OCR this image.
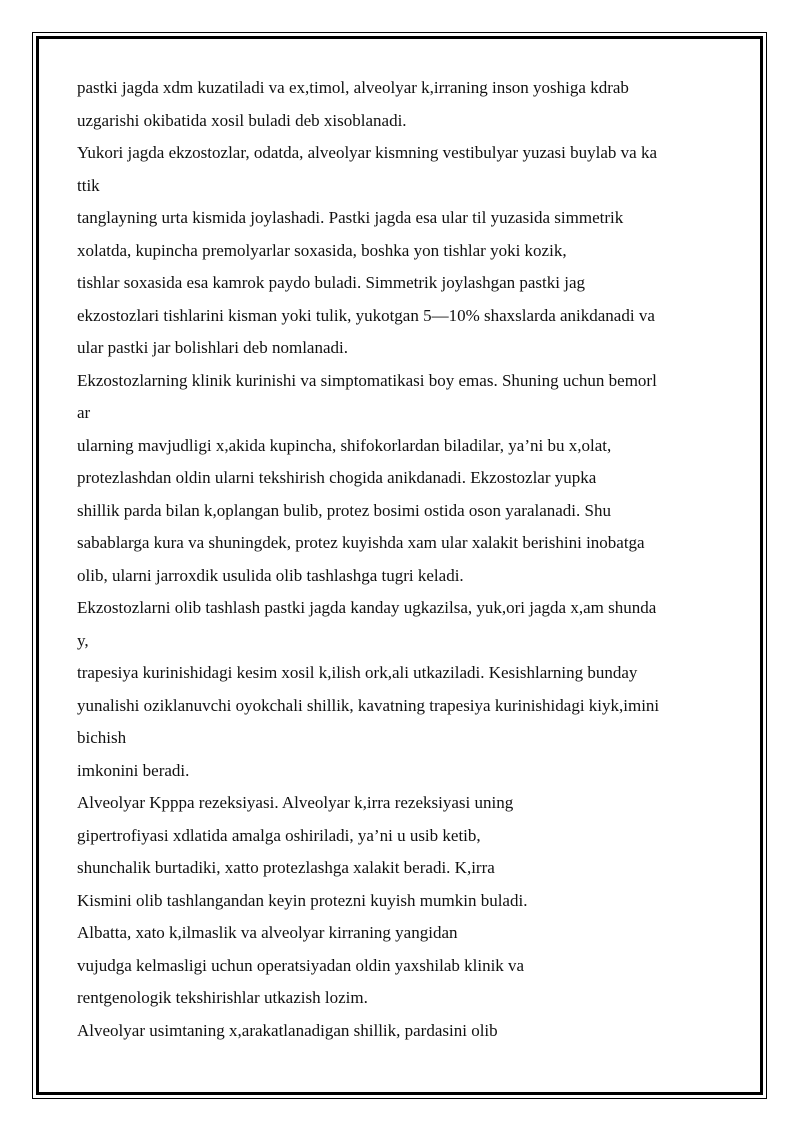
pastki jagda xdm kuzatiladi va ex,timol, alveolyar k,irraning inson yoshiga kdrab
uzgarishi okibatida xosil buladi deb xisoblanadi.
Yukori jagda ekzostozlar, odatda, alveolyar kismning vestibulyar yuzasi buylab va ka
ttik
tanglayning urta kismida joylashadi. Pastki jagda esa ular til yuzasida simmetrik
xolatda, kupincha premolyarlar soxasida, boshka yon tishlar yoki kozik,
tishlar soxasida esa kamrok paydo buladi. Simmetrik joylashgan pastki jag
ekzostozlari tishlarini kisman yoki tulik, yukotgan 5—10% shaxslarda anikdanadi va
ular pastki jar bolishlari deb nomlanadi.
Ekzostozlarning klinik kurinishi va simptomatikasi boy emas. Shuning uchun bemorl
ar
ularning mavjudligi x,akida kupincha, shifokorlardan biladilar, ya’ni bu x,olat,
protezlashdan oldin ularni tekshirish chogida anikdanadi. Ekzostozlar yupka
shillik parda bilan k,oplangan bulib, protez bosimi ostida oson yaralanadi. Shu
sabablarga kura va shuningdek, protez kuyishda xam ular xalakit berishini inobatga
olib, ularni jarroxdik usulida olib tashlashga tugri keladi.
Ekzostozlarni olib tashlash pastki jagda kanday ugkazilsa, yuk,ori jagda x,am shunda
y,
trapesiya kurinishidagi kesim xosil k,ilish ork,ali utkaziladi. Kesishlarning bunday
yunalishi oziklanuvchi oyokchali shillik, kavatning trapesiya kurinishidagi kiyk,imini
bichish
imkonini beradi.
Alveolyar Kpppa rezeksiyasi. Alveolyar k,irra rezeksiyasi uning
gipertrofiyasi xdlatida amalga oshiriladi, ya’ni u usib ketib,
shunchalik burtadiki, xatto protezlashga xalakit beradi. K,irra
Kismini olib tashlangandan keyin protezni kuyish mumkin buladi.
Albatta, xato k,ilmaslik va alveolyar kirraning yangidan
vujudga kelmasligi uchun operatsiyadan oldin yaxshilab klinik va
rentgenologik tekshirishlar utkazish lozim.
Alveolyar usimtaning x,arakatlanadigan shillik, pardasini olib
